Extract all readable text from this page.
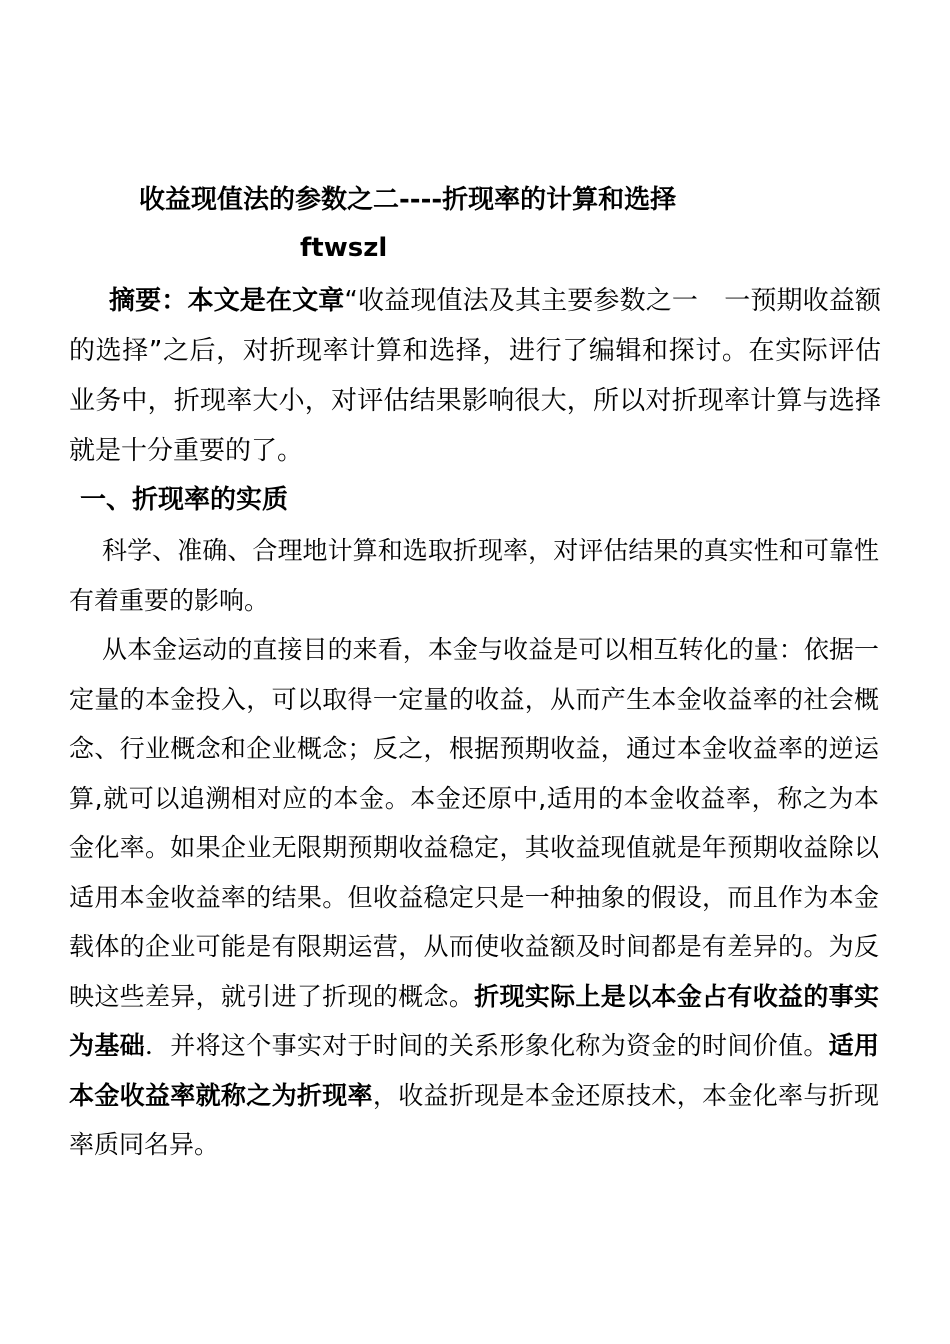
收益现值法的参数之二----折现率的计算和选择
ftwszl

摘要：本文是在文章“收益现值法及其主要参数之一　一预期收益额的选择”之后，对折现率计算和选择，进行了编辑和探讨。在实际评估业务中，折现率大小，对评估结果影响很大，所以对折现率计算与选择就是十分重要的了。

一、折现率的实质

科学、准确、合理地计算和选取折现率，对评估结果的真实性和可靠性有着重要的影响。

从本金运动的直接目的来看，本金与收益是可以相互转化的量：依据一定量的本金投入，可以取得一定量的收益，从而产生本金收益率的社会概念、行业概念和企业概念；反之，根据预期收益，通过本金收益率的逆运算,就可以追溯相对应的本金。本金还原中,适用的本金收益率，称之为本金化率。如果企业无限期预期收益稳定，其收益现值就是年预期收益除以适用本金收益率的结果。但收益稳定只是一种抽象的假设，而且作为本金载体的企业可能是有限期运营，从而使收益额及时间都是有差异的。为反映这些差异，就引进了折现的概念。折现实际上是以本金占有收益的事实为基础．并将这个事实对于时间的关系形象化称为资金的时间价值。适用本金收益率就称之为折现率，收益折现是本金还原技术，本金化率与折现率质同名异。
